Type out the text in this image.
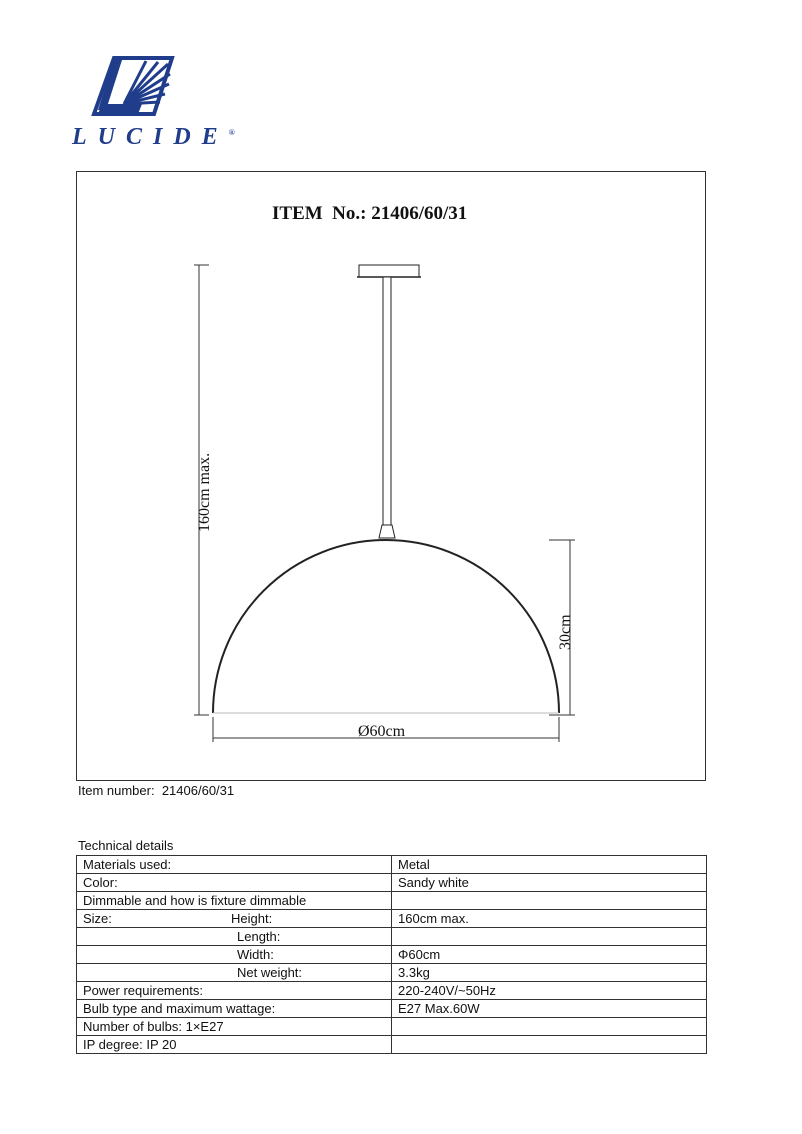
LUCIDE®
ITEM  No.: 21406/60/31
160cm max.
30cm
Ø60cm
Item number: 21406/60/31
Technical details
Materials used:	Metal
Color:	Sandy white
Dimmable and how is fixture dimmable	
Size: Height:	160cm max.
Length:	
Width:	Φ60cm
Net weight:	3.3kg
Power requirements:	220-240V/~50Hz
Bulb type and maximum wattage:	E27 Max.60W
Number of bulbs: 1×E27	
IP degree: IP 20	
